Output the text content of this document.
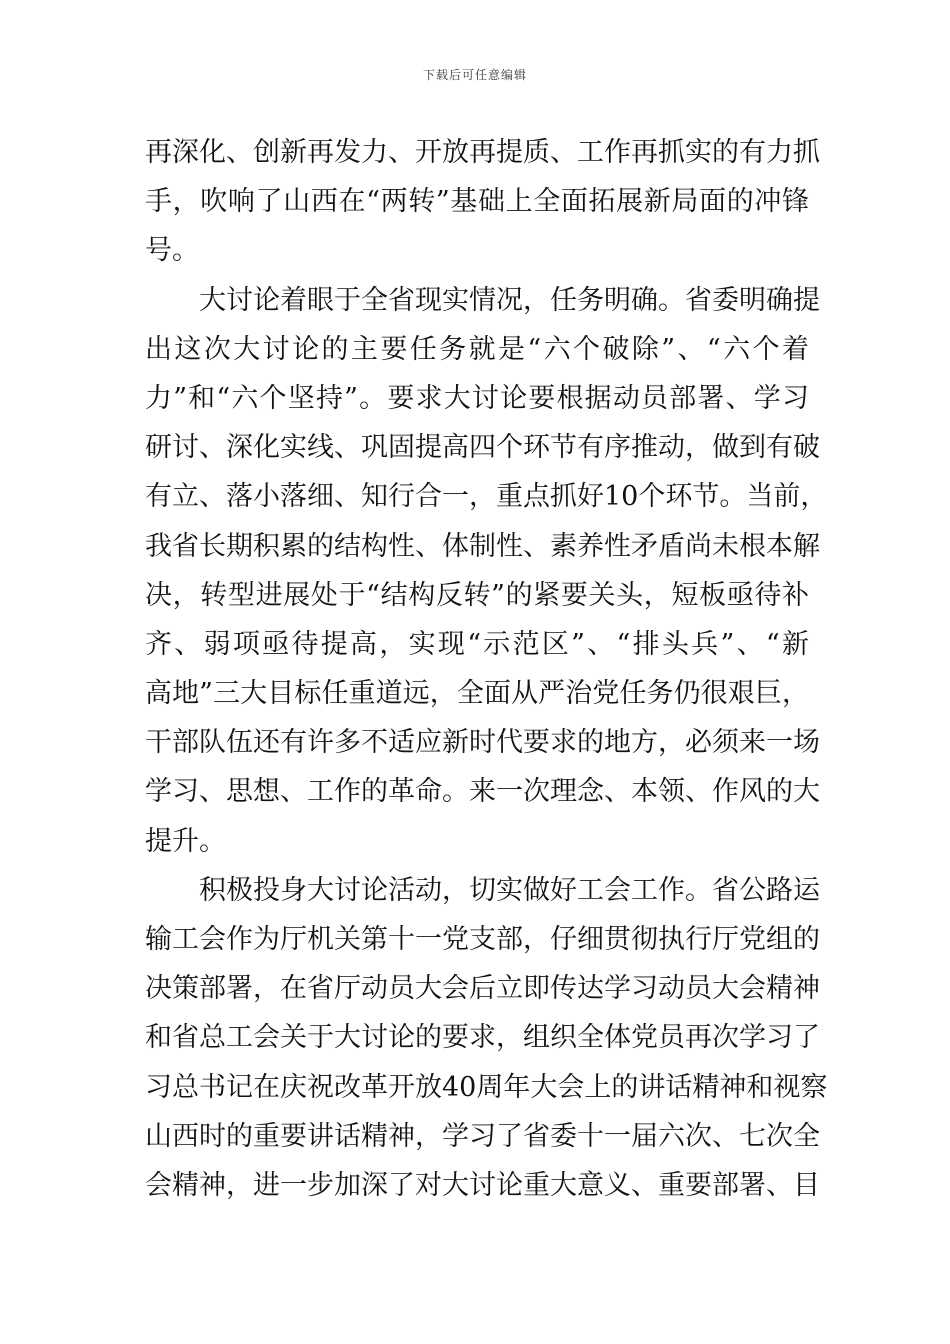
下载后可任意编辑
再深化、创新再发力、开放再提质、工作再抓实的有力抓
手，吹响了山西在“两转”基础上全面拓展新局面的冲锋
号。
大讨论着眼于全省现实情况，任务明确。省委明确提
出这次大讨论的主要任务就是“六个破除”、“六个着
力”和“六个坚持”。要求大讨论要根据动员部署、学习
研讨、深化实线、巩固提高四个环节有序推动，做到有破
有立、落小落细、知行合一，重点抓好10个环节。当前，
我省长期积累的结构性、体制性、素养性矛盾尚未根本解
决，转型进展处于“结构反转”的紧要关头，短板亟待补
齐、弱项亟待提高，实现“示范区”、“排头兵”、“新
高地”三大目标任重道远，全面从严治党任务仍很艰巨，
干部队伍还有许多不适应新时代要求的地方，必须来一场
学习、思想、工作的革命。来一次理念、本领、作风的大
提升。
积极投身大讨论活动，切实做好工会工作。省公路运
输工会作为厅机关第十一党支部，仔细贯彻执行厅党组的
决策部署，在省厅动员大会后立即传达学习动员大会精神
和省总工会关于大讨论的要求，组织全体党员再次学习了
习总书记在庆祝改革开放40周年大会上的讲话精神和视察
山西时的重要讲话精神，学习了省委十一届六次、七次全
会精神，进一步加深了对大讨论重大意义、重要部署、目
